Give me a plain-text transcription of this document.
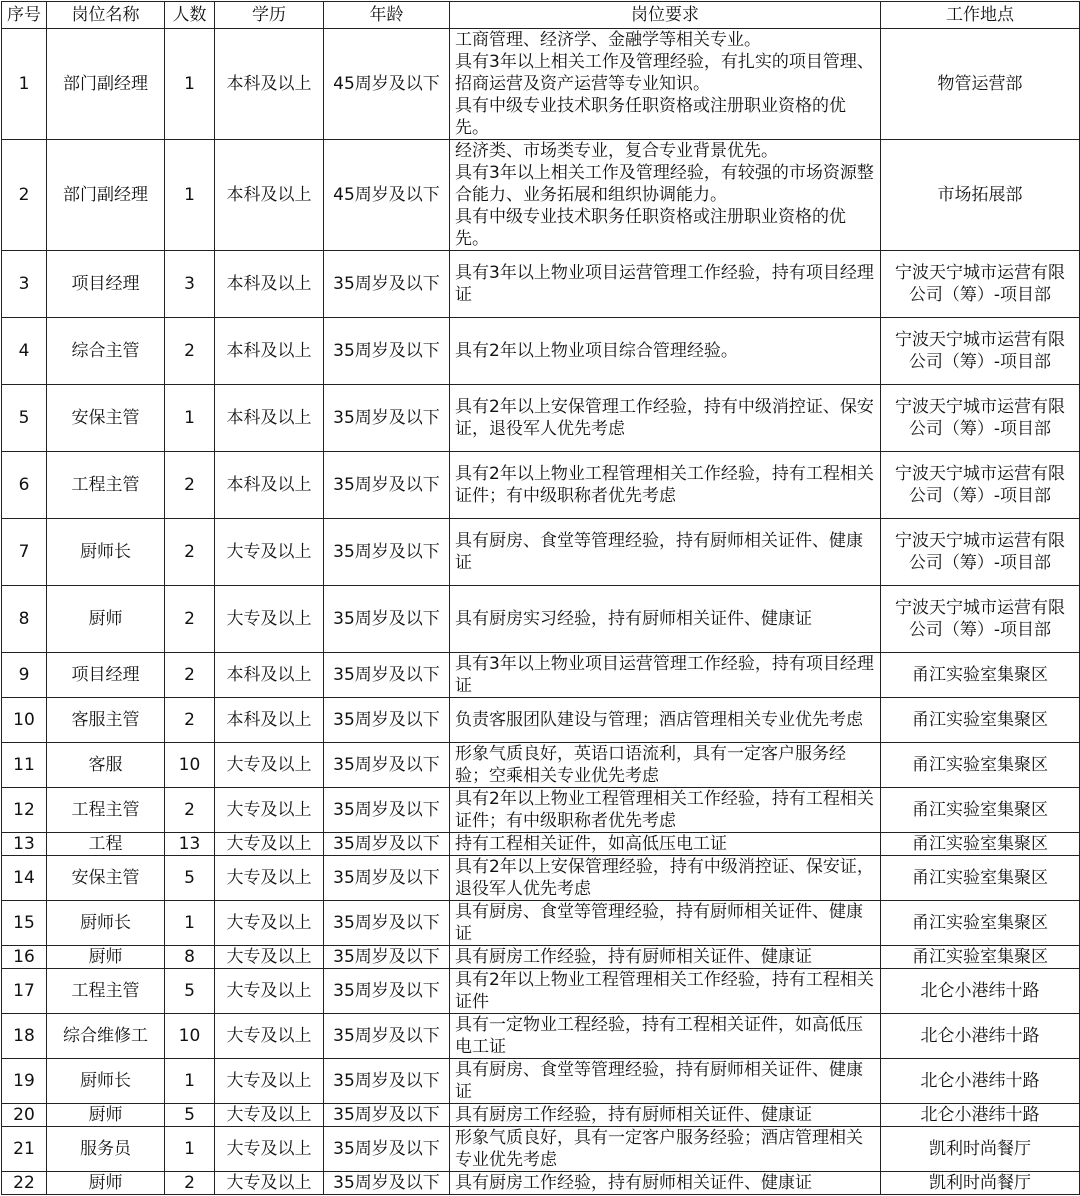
序号	岗位名称	人数	学历	年龄	岗位要求	工作地点
1	部门副经理	1	本科及以上	45周岁及以下	工商管理、经济学、金融学等相关专业。
具有3年以上相关工作及管理经验，有扎实的项目管理、招商运营及资产运营等专业知识。
具有中级专业技术职务任职资格或注册职业资格的优先。	物管运营部
2	部门副经理	1	本科及以上	45周岁及以下	经济类、市场类专业，复合专业背景优先。
具有3年以上相关工作及管理经验，有较强的市场资源整合能力、业务拓展和组织协调能力。
具有中级专业技术职务任职资格或注册职业资格的优先。	市场拓展部
3	项目经理	3	本科及以上	35周岁及以下	具有3年以上物业项目运营管理工作经验，持有项目经理证	宁波天宁城市运营有限公司（筹）-项目部
4	综合主管	2	本科及以上	35周岁及以下	具有2年以上物业项目综合管理经验。	宁波天宁城市运营有限公司（筹）-项目部
5	安保主管	1	本科及以上	35周岁及以下	具有2年以上安保管理工作经验，持有中级消控证、保安证，退役军人优先考虑	宁波天宁城市运营有限公司（筹）-项目部
6	工程主管	2	本科及以上	35周岁及以下	具有2年以上物业工程管理相关工作经验，持有工程相关证件；有中级职称者优先考虑	宁波天宁城市运营有限公司（筹）-项目部
7	厨师长	2	大专及以上	35周岁及以下	具有厨房、食堂等管理经验，持有厨师相关证件、健康证	宁波天宁城市运营有限公司（筹）-项目部
8	厨师	2	大专及以上	35周岁及以下	具有厨房实习经验，持有厨师相关证件、健康证	宁波天宁城市运营有限公司（筹）-项目部
9	项目经理	2	本科及以上	35周岁及以下	具有3年以上物业项目运营管理工作经验，持有项目经理证	甬江实验室集聚区
10	客服主管	2	本科及以上	35周岁及以下	负责客服团队建设与管理；酒店管理相关专业优先考虑	甬江实验室集聚区
11	客服	10	大专及以上	35周岁及以下	形象气质良好，英语口语流利，具有一定客户服务经验；空乘相关专业优先考虑	甬江实验室集聚区
12	工程主管	2	大专及以上	35周岁及以下	具有2年以上物业工程管理相关工作经验，持有工程相关证件；有中级职称者优先考虑	甬江实验室集聚区
13	工程	13	大专及以上	35周岁及以下	持有工程相关证件，如高低压电工证	甬江实验室集聚区
14	安保主管	5	大专及以上	35周岁及以下	具有2年以上安保管理经验，持有中级消控证、保安证，退役军人优先考虑	甬江实验室集聚区
15	厨师长	1	大专及以上	35周岁及以下	具有厨房、食堂等管理经验，持有厨师相关证件、健康证	甬江实验室集聚区
16	厨师	8	大专及以上	35周岁及以下	具有厨房工作经验，持有厨师相关证件、健康证	甬江实验室集聚区
17	工程主管	5	大专及以上	35周岁及以下	具有2年以上物业工程管理相关工作经验，持有工程相关证件	北仑小港纬十路
18	综合维修工	10	大专及以上	35周岁及以下	具有一定物业工程经验，持有工程相关证件，如高低压电工证	北仑小港纬十路
19	厨师长	1	大专及以上	35周岁及以下	具有厨房、食堂等管理经验，持有厨师相关证件、健康证	北仑小港纬十路
20	厨师	5	大专及以上	35周岁及以下	具有厨房工作经验，持有厨师相关证件、健康证	北仑小港纬十路
21	服务员	1	大专及以上	35周岁及以下	形象气质良好，具有一定客户服务经验；酒店管理相关专业优先考虑	凯利时尚餐厅
22	厨师	2	大专及以上	35周岁及以下	具有厨房工作经验，持有厨师相关证件、健康证	凯利时尚餐厅
